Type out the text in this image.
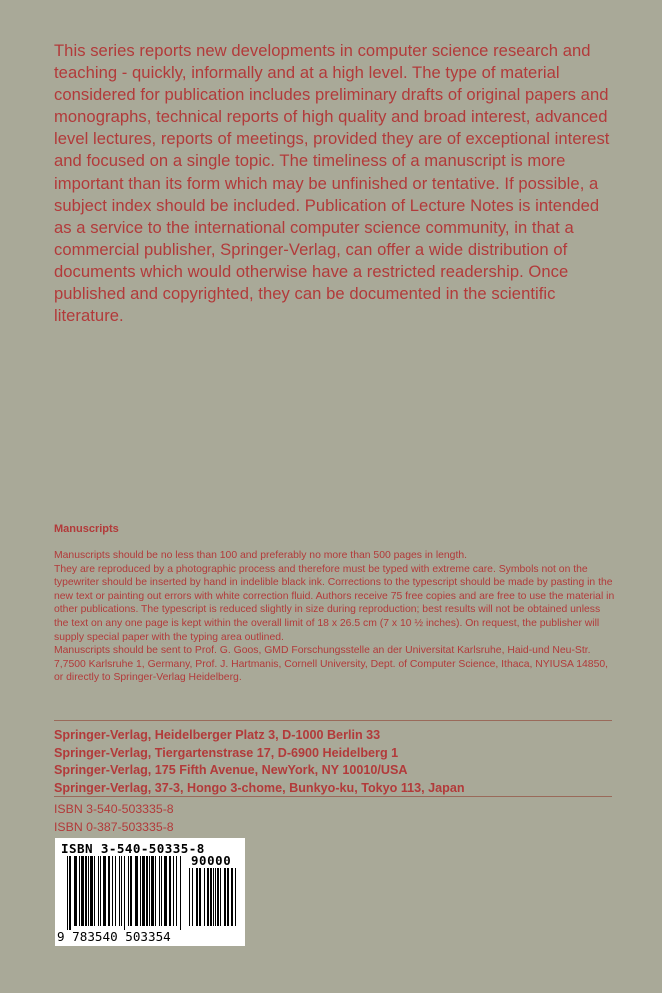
This series reports new developments in computer science research and teaching - quickly, informally and at a high level. The type of material considered for publication includes preliminary drafts of original papers and monographs, technical reports of high quality and broad interest, advanced level lectures, reports of meetings, provided they are of exceptional interest and focused on a single topic. The timeliness of a manuscript is more important than its form which may be unfinished or tentative. If possible, a subject index should be included. Publication of Lecture Notes is intended as a service to the international computer science community, in that a commercial publisher, Springer-Verlag, can offer a wide distribution of documents which would otherwise have a restricted readership. Once published and copyrighted, they can be documented in the scientific literature.

Manuscripts

Manuscripts should be no less than 100 and preferably no more than 500 pages in length.

They are reproduced by a photographic process and therefore must be typed with extreme care. Symbols not on the typewriter should be inserted by hand in indelible black ink. Corrections to the typescript should be made by pasting in the new text or painting out errors with white correction fluid. Authors receive 75 free copies and are free to use the material in other publications. The typescript is reduced slightly in size during reproduction; best results will not be obtained unless the text on any one page is kept within the overall limit of 18 x 26.5 cm (7 x 10 ½ inches). On request, the publisher will supply special paper with the typing area outlined.

Manuscripts should be sent to Prof. G. Goos, GMD Forschungsstelle an der Universitat Karlsruhe, Haid-und Neu-Str. 7,7500 Karlsruhe 1, Germany, Prof. J. Hartmanis, Cornell University, Dept. of Computer Science, Ithaca, NYIUSA 14850, or directly to Springer-Verlag Heidelberg.

Springer-Verlag, Heidelberger Platz 3, D-1000 Berlin 33
Springer-Verlag, Tiergartenstrase 17, D-6900 Heidelberg 1
Springer-Verlag, 175 Fifth Avenue, NewYork, NY 10010/USA
Springer-Verlag, 37-3, Hongo 3-chome, Bunkyo-ku, Tokyo 113, Japan
ISBN 3-540-503335-8
ISBN 0-387-503335-8
ISBN 3-540-50335-8
90000
9 783540 503354
